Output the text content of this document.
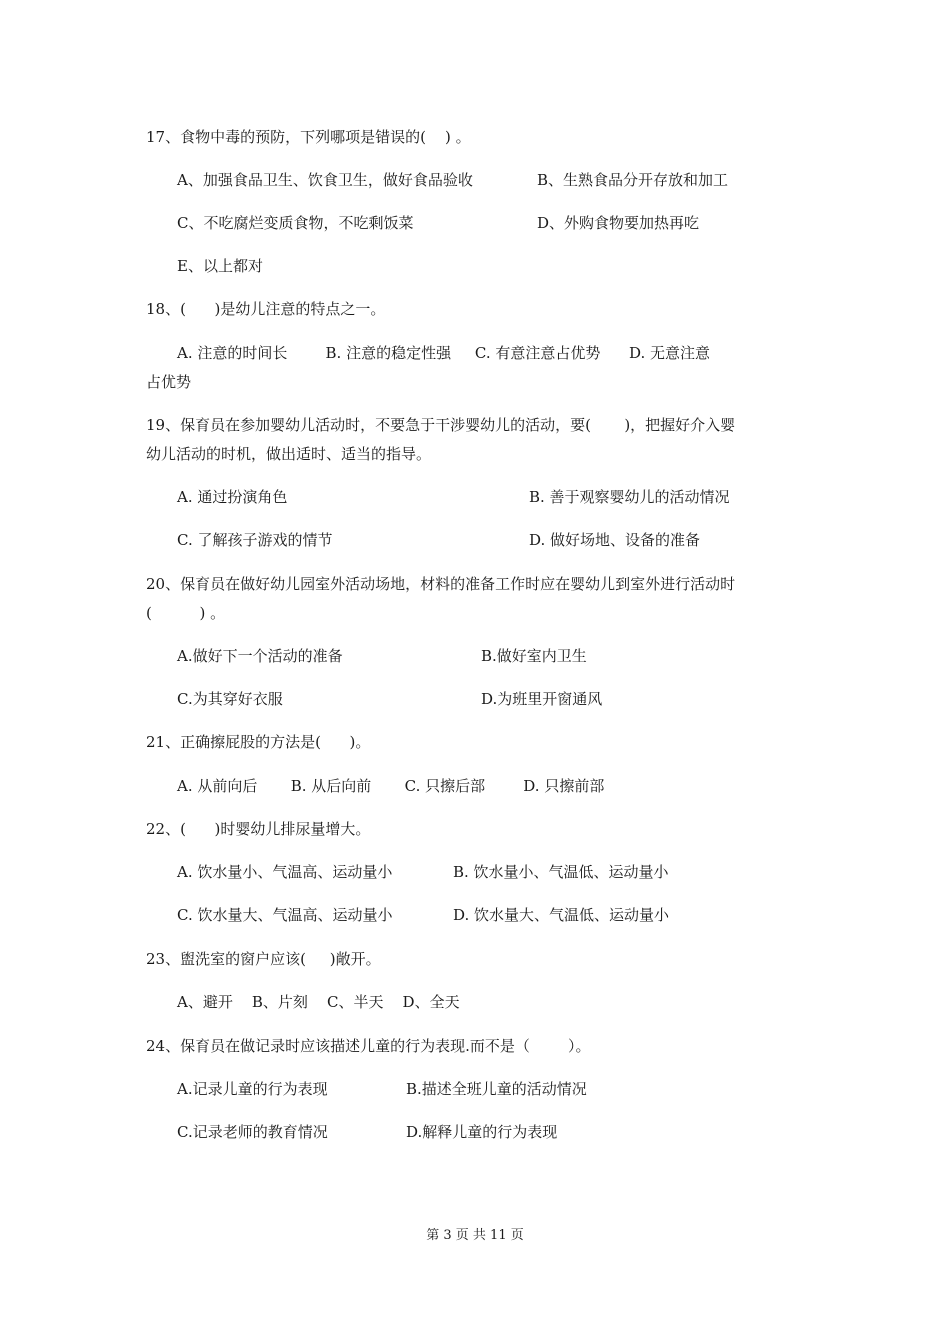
17、食物中毒的预防，下列哪项是错误的(    ) 。
A、加强食品卫生、饮食卫生，做好食品验收	B、生熟食品分开存放和加工
C、不吃腐烂变质食物，不吃剩饭菜	D、外购食物要加热再吃
E、以上都对
18、(      )是幼儿注意的特点之一。
A. 注意的时间长        B. 注意的稳定性强     C. 有意注意占优势      D. 无意注意
占优势
19、保育员在参加婴幼儿活动时，不要急于干涉婴幼儿的活动，要(       )，把握好介入婴
幼儿活动的时机，做出适时、适当的指导。
A. 通过扮演角色	B. 善于观察婴幼儿的活动情况
C. 了解孩子游戏的情节	D. 做好场地、设备的准备
20、保育员在做好幼儿园室外活动场地，材料的准备工作时应在婴幼儿到室外进行活动时
(          ) 。
A.做好下一个活动的准备	B.做好室内卫生
C.为其穿好衣服	D.为班里开窗通风
21、正确擦屁股的方法是(      )。
A. 从前向后       B. 从后向前       C. 只擦后部        D. 只擦前部
22、(      )时婴幼儿排尿量增大。
A. 饮水量小、气温高、运动量小	B. 饮水量小、气温低、运动量小
C. 饮水量大、气温高、运动量小	D. 饮水量大、气温低、运动量小
23、盥洗室的窗户应该(     )敞开。
A、避开    B、片刻    C、半天    D、全天
24、保育员在做记录时应该描述儿童的行为表现.而不是（        ）。
A.记录儿童的行为表现	B.描述全班儿童的活动情况
C.记录老师的教育情况	D.解释儿童的行为表现
第 3 页 共 11 页
